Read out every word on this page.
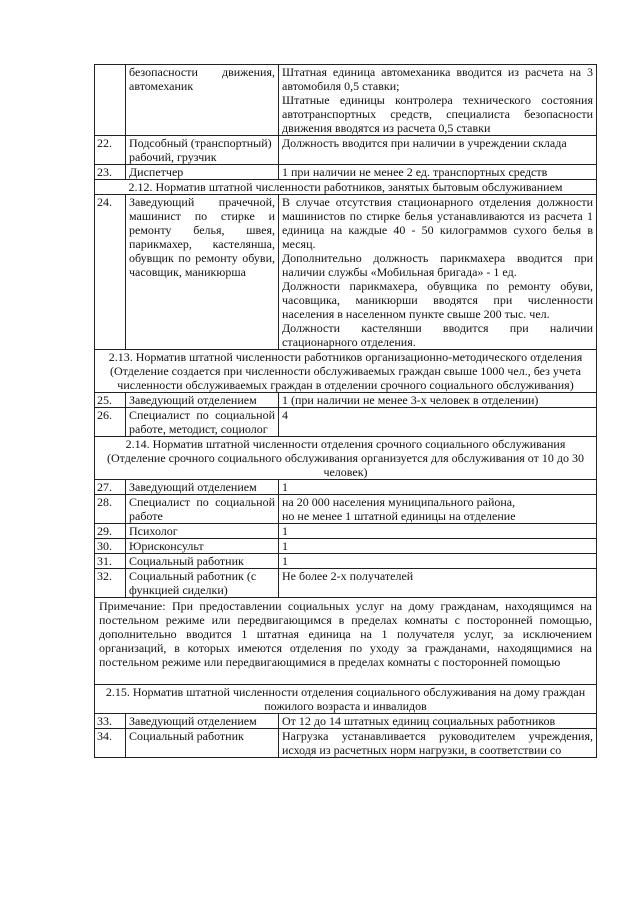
	безопасности движения, автомеханик	Штатная единица автомеханика вводится из расчета на 3 автомобиля 0,5 ставки;
Штатные единицы контролера технического состояния автотранспортных средств, специалиста безопасности движения вводятся из расчета 0,5 ставки

22.	Подсобный (транспортный) рабочий, грузчик	Должность вводится при наличии в учреждении склада
23.	Диспетчер	1 при наличии не менее 2 ед. транспортных средств
2.12. Норматив штатной численности работников, занятых бытовым обслуживанием		
24.	Заведующий прачечной, машинист по стирке и ремонту белья, швея, парикмахер, кастелянша, обувщик по ремонту обуви, часовщик, маникюрша	В случае отсутствия стационарного отделения должности машинистов по стирке белья устанавливаются из расчета 1 единица на каждые 40 - 50 килограммов сухого белья в месяц.
Дополнительно должность парикмахера вводится при наличии службы «Мобильная бригада» - 1 ед.
Должности парикмахера, обувщика по ремонту обуви, часовщика, маникюрши вводятся при численности населения в населенном пункте свыше 200 тыс. чел.
Должности кастелянши вводится при наличии стационарного отделения.

2.13. Норматив штатной численности работников организационно-методического отделения (Отделение создается при численности обслуживаемых граждан свыше 1000 чел., без учета численности обслуживаемых граждан в отделении срочного социального обслуживания)		
25.	Заведующий отделением	1 (при наличии не менее 3-х человек в отделении)
26.	Специалист по социальной работе, методист, социолог	4
2.14. Норматив штатной численности отделения срочного социального обслуживания (Отделение срочного социального обслуживания организуется для обслуживания от 10 до 30 человек)		
27.	Заведующий отделением	1
28.	Специалист по социальной работе	на 20 000 населения муниципального района,
но не менее 1 штатной единицы на отделение

29.	Психолог	1
30.	Юрисконсульт	1
31.	Социальный работник	1
32.	Социальный работник (с функцией сиделки)	Не более 2-х получателей
Примечание: При предоставлении социальных услуг на дому гражданам, находящимся на постельном режиме или передвигающимся в пределах комнаты с посторонней помощью, дополнительно вводится 1 штатная единица на 1 получателя услуг, за исключением организаций, в которых имеются отделения по уходу за гражданами, находящимися на постельном режиме или передвигающимися в пределах комнаты с посторонней помощью		

2.15. Норматив штатной численности отделения социального обслуживания на дому граждан пожилого возраста и инвалидов		
33.	Заведующий отделением	От 12 до 14 штатных единиц социальных работников
34.	Социальный работник	Нагрузка устанавливается руководителем учреждения, исходя из расчетных норм нагрузки, в соответствии со
